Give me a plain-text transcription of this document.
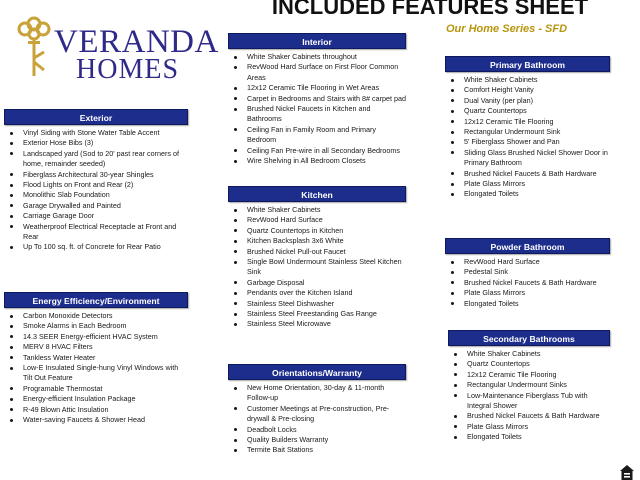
VERANDA
HOMES
INCLUDED FEATURES SHEET
Our Home Series - SFD
Exterior
Vinyl Siding with Stone Water Table Accent
Exterior Hose Bibs (3)
Landscaped yard (Sod to 20' past rear corners of home, remainder seeded)
Fiberglass Architectural 30-year Shingles
Flood Lights on Front and Rear (2)
Monolithic Slab Foundation
Garage Drywalled and Painted
Carriage Garage Door
Weatherproof Electrical Receptacle at Front and Rear
Up To 100 sq. ft. of Concrete for Rear Patio
Energy Efficiency/Environment
Carbon Monoxide Detectors
Smoke Alarms in Each Bedroom
14.3 SEER Energy-efficient HVAC System
MERV 8 HVAC Filters
Tankless Water Heater
Low-E Insulated Single-hung Vinyl Windows with Tilt Out Feature
Programable Thermostat
Energy-efficient Insulation Package
R-49 Blown Attic Insulation
Water-saving Faucets & Shower Head
Interior
White Shaker Cabinets throughout
RevWood Hard Surface on First Floor Common Areas
12x12 Ceramic Tile Flooring in Wet Areas
Carpet in Bedrooms and Stairs with 8# carpet pad
Brushed Nickel Faucets in Kitchen and Bathrooms
Ceiling Fan in Family Room and Primary Bedroom
Ceiling Fan Pre-wire in all Secondary Bedrooms
Wire Shelving in All Bedroom Closets
Kitchen
White Shaker Cabinets
RevWood Hard Surface
Quartz Countertops in Kitchen
Kitchen Backsplash 3x6 White
Brushed Nickel Pull-out Faucet
Single Bowl Undermount Stainless Steel Kitchen Sink
Garbage Disposal
Pendants over the Kitchen Island
Stainless Steel Dishwasher
Stainless Steel Freestanding Gas Range
Stainless Steel Microwave
Orientations/Warranty
New Home Orientation, 30-day & 11-month Follow-up
Customer Meetings at Pre-construction, Pre-drywall & Pre-closing
Deadbolt Locks
Quality Builders Warranty
Termite Bait Stations
Primary Bathroom
White Shaker Cabinets
Comfort Height Vanity
Dual Vanity (per plan)
Quartz Countertops
12x12 Ceramic Tile Flooring
Rectangular Undermount Sink
5' Fiberglass Shower and Pan
Sliding Glass Brushed Nickel Shower Door in Primary Bathroom
Brushed Nickel Faucets & Bath Hardware
Plate Glass Mirrors
Elongated Toilets
Powder Bathroom
RevWood Hard Surface
Pedestal Sink
Brushed Nickel Faucets & Bath Hardware
Plate Glass Mirrors
Elongated Toilets
Secondary Bathrooms
White Shaker Cabinets
Quartz Countertops
12x12 Ceramic Tile Flooring
Rectangular Undermount Sinks
Low-Maintenance Fiberglass Tub with Integral Shower
Brushed Nickel Faucets & Bath Hardware
Plate Glass Mirrors
Elongated Toilets
